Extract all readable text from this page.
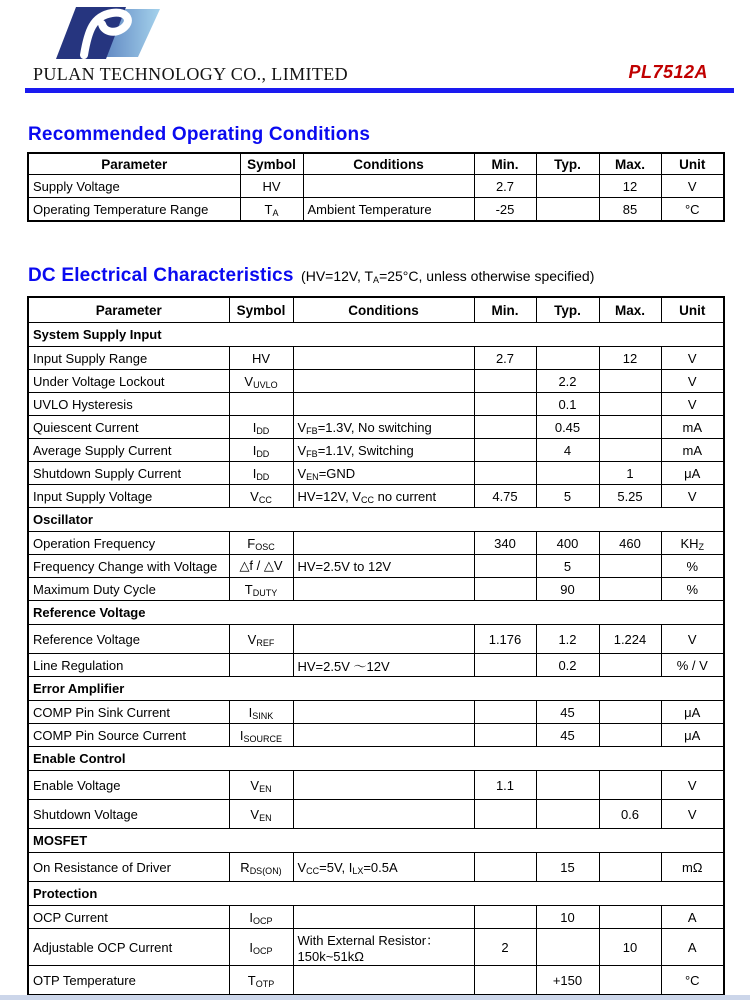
PULAN TECHNOLOGY CO., LIMITED	PL7512A
Recommended Operating Conditions
Parameter	Symbol	Conditions	Min.	Typ.	Max.	Unit
Supply Voltage	HV		2.7		12	V
Operating Temperature Range	$T_A$	Ambient Temperature	-25		85	°C
DC Electrical Characteristics (HV=12V, $T_A=25^\circ C$, unless otherwise specified)
Parameter	Symbol	Conditions	Min.	Typ.	Max.	Unit
System Supply Input						
Input Supply Range	HV		2.7		12	V
Under Voltage Lockout	$V_{UVLO}$			2.2		V
UVLO Hysteresis				0.1		V
Quiescent Current	$I_{DD}$	$V_{FB}=1.3V$, No switching		0.45		mA
Average Supply Current	$I_{DD}$	$V_{FB}=1.1V$, Switching		4		mA
Shutdown Supply Current	$I_{DD}$	$V_{EN}=GND$			1	μA
Input Supply Voltage	$V_{CC}$	HV=12V, $V_{CC}$ no current	4.75	5	5.25	V
Oscillator						
Operation Frequency	$F_{OSC}$		340	400	460	$KH_Z$
Frequency Change with Voltage	△f / △V	HV=2.5V to 12V		5		%
Maximum Duty Cycle	$T_{DUTY}$			90		%
Reference Voltage						
Reference Voltage	$V_{REF}$		1.176	1.2	1.224	V
Line Regulation		HV=2.5V ～12V		0.2		% / V
Error Amplifier						
COMP Pin Sink Current	$I_{SINK}$			45		μA
COMP Pin Source Current	$I_{SOURCE}$			45		μA
Enable Control						
Enable Voltage	$V_{EN}$		1.1			V
Shutdown Voltage	$V_{EN}$				0.6	V
MOSFET						
On Resistance of Driver	$R_{DS(ON)}$	$V_{CC}=5V$, $I_{LX}=0.5A$		15		mΩ
Protection						
OCP Current	$I_{OCP}$			10		A
Adjustable OCP Current	$I_{OCP}$	With External Resistor： 150k~51kΩ	2		10	A
OTP Temperature	$T_{OTP}$			+150		°C
